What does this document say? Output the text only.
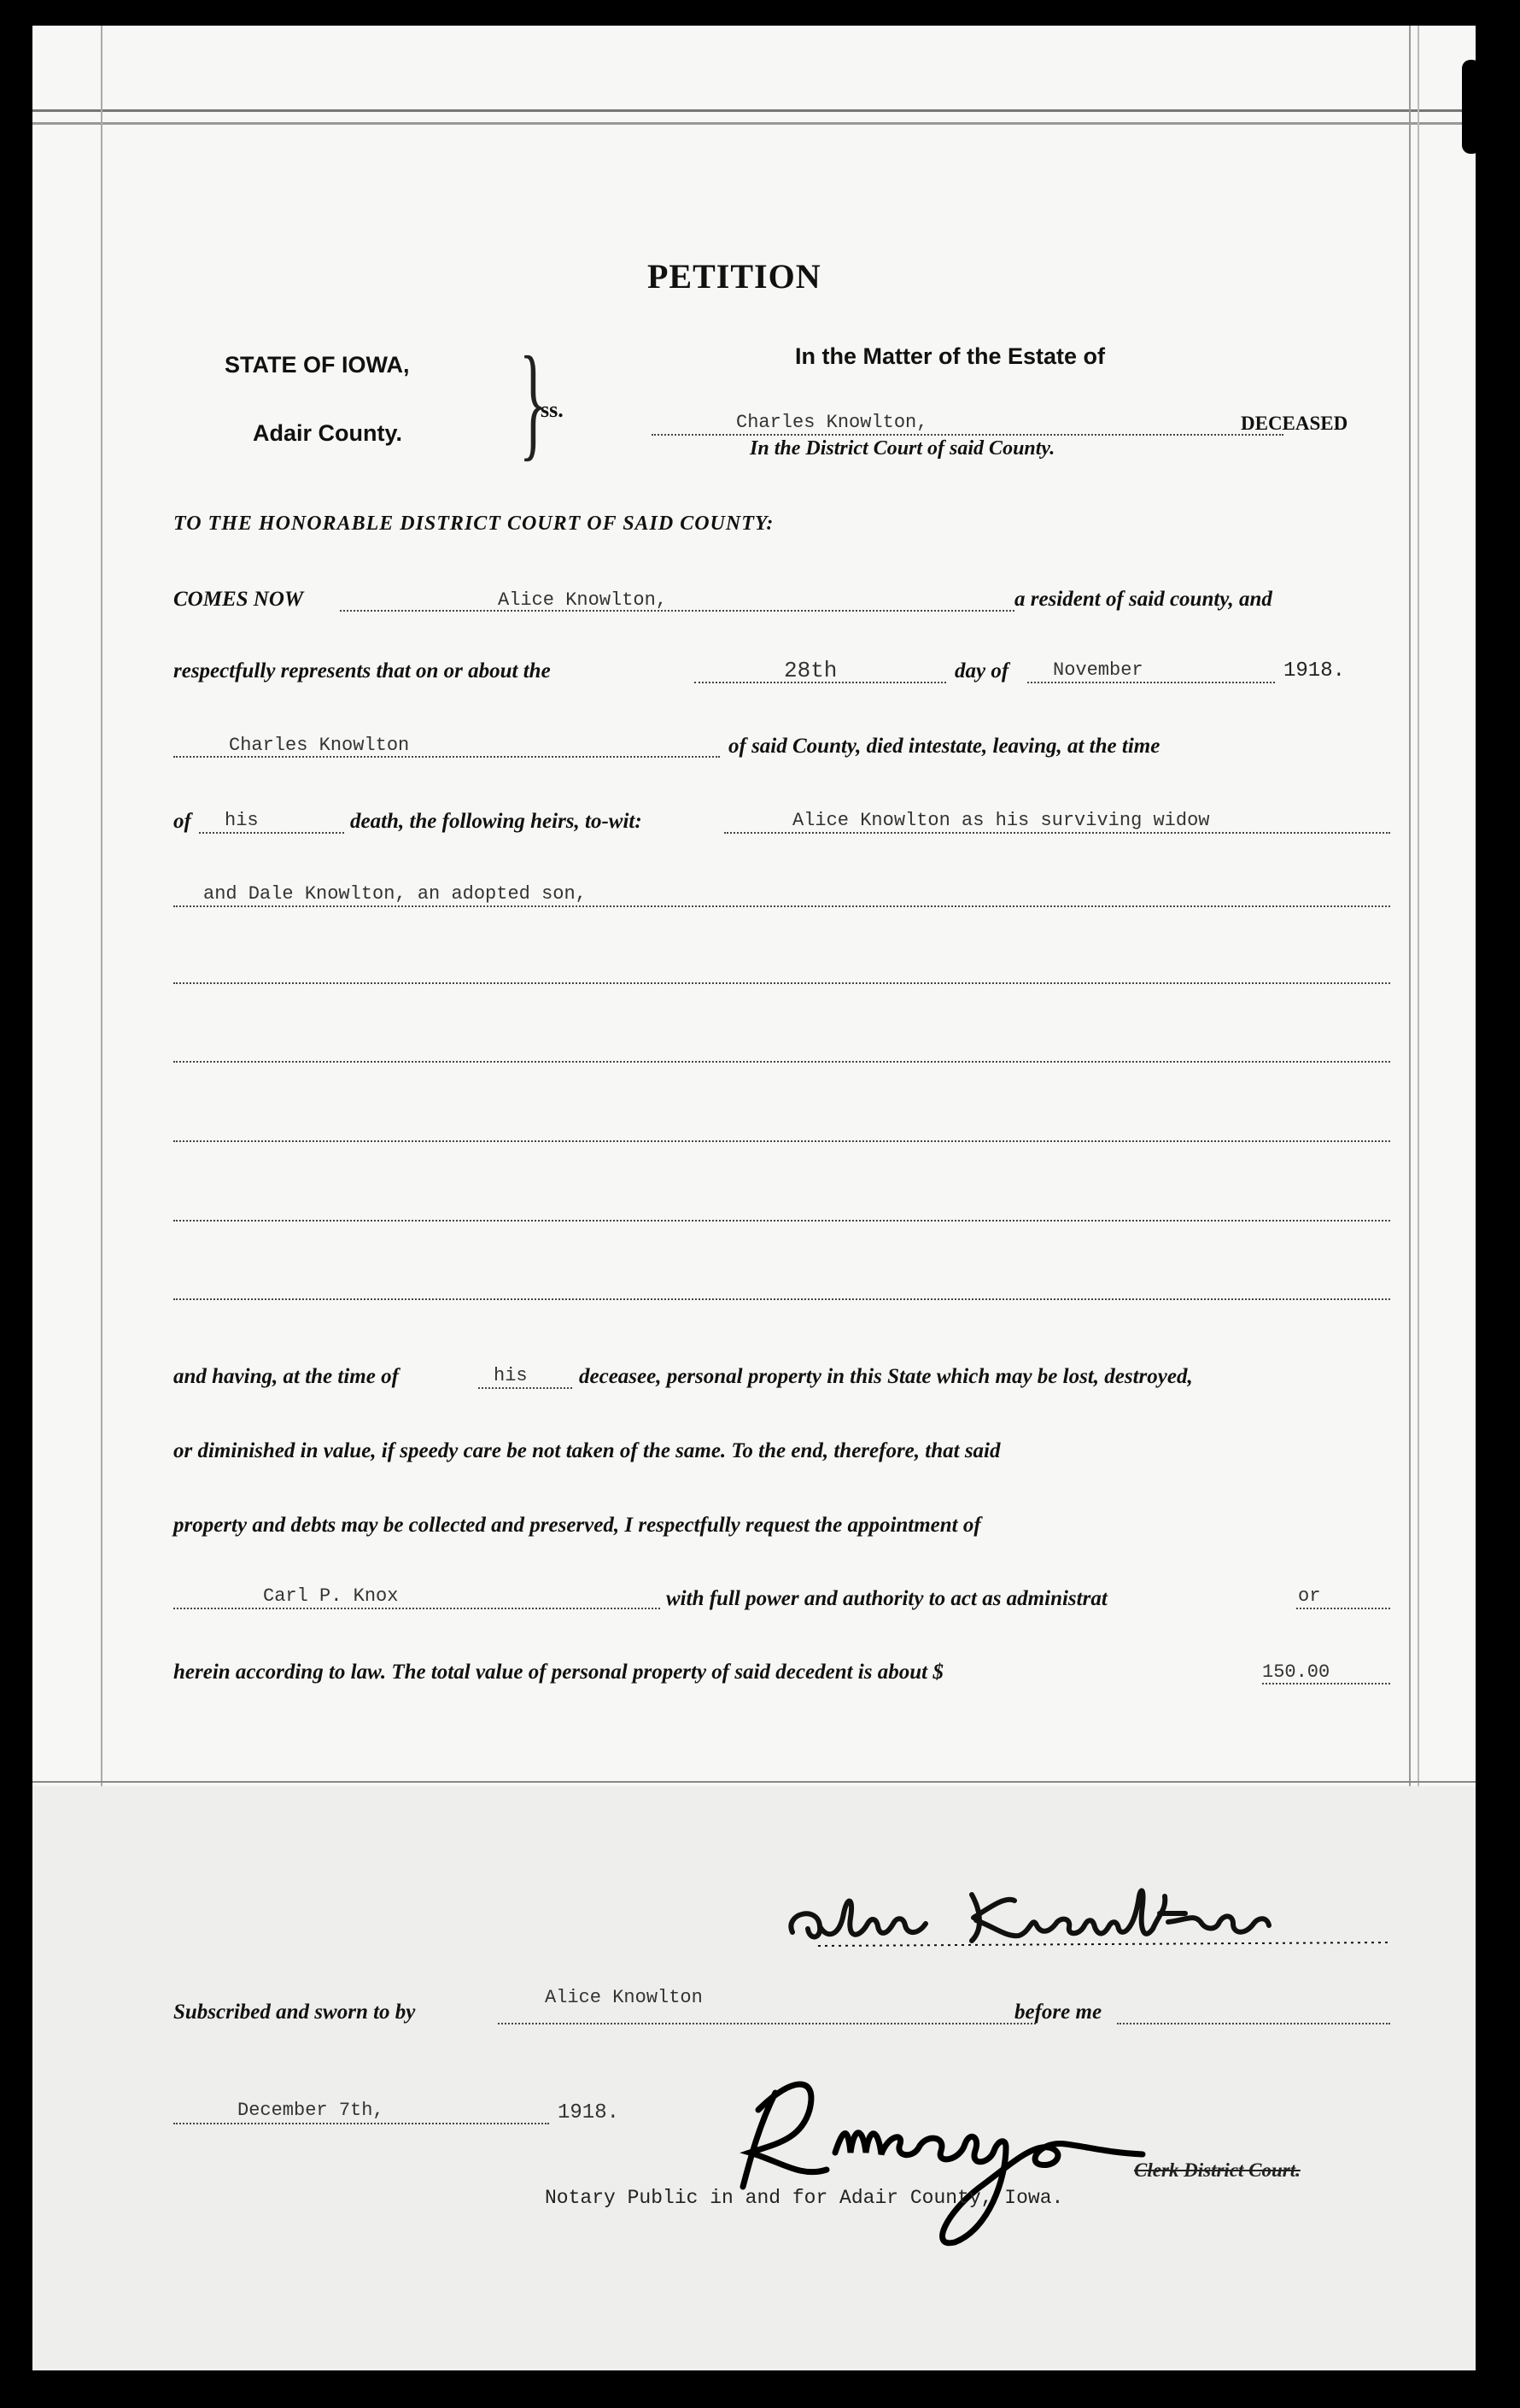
PETITION
STATE OF IOWA,
Adair County. }
ss.
In the Matter of the Estate of
Charles Knowlton,	DECEASED
In the District Court of said County.
TO THE HONORABLE DISTRICT COURT OF SAID COUNTY:
COMES NOW	Alice Knowlton,	a resident of said county, and
respectfully represents that on or about the	28th	day of November	1918.
Charles Knowlton	of said County, died intestate, leaving, at the time
of his	death, the following heirs, to-wit:	Alice Knowlton as his surviving widow
and Dale Knowlton, an adopted son,
and having, at the time of	his deceasee, personal property in this State which may be lost, destroyed,
or diminished in value, if speedy care be not taken of the same. To the end, therefore, that said
property and debts may be collected and preserved, I respectfully request the appointment of
Carl P. Knox	with full power and authority to act as administrat	or
herein according to law. The total value of personal property of said decedent is about $	150.00
Subscribed and sworn to by
Alice Knowlton
before me
December 7th,	1918.
Clerk District Court.
Notary Public in and for Adair County, Iowa.
